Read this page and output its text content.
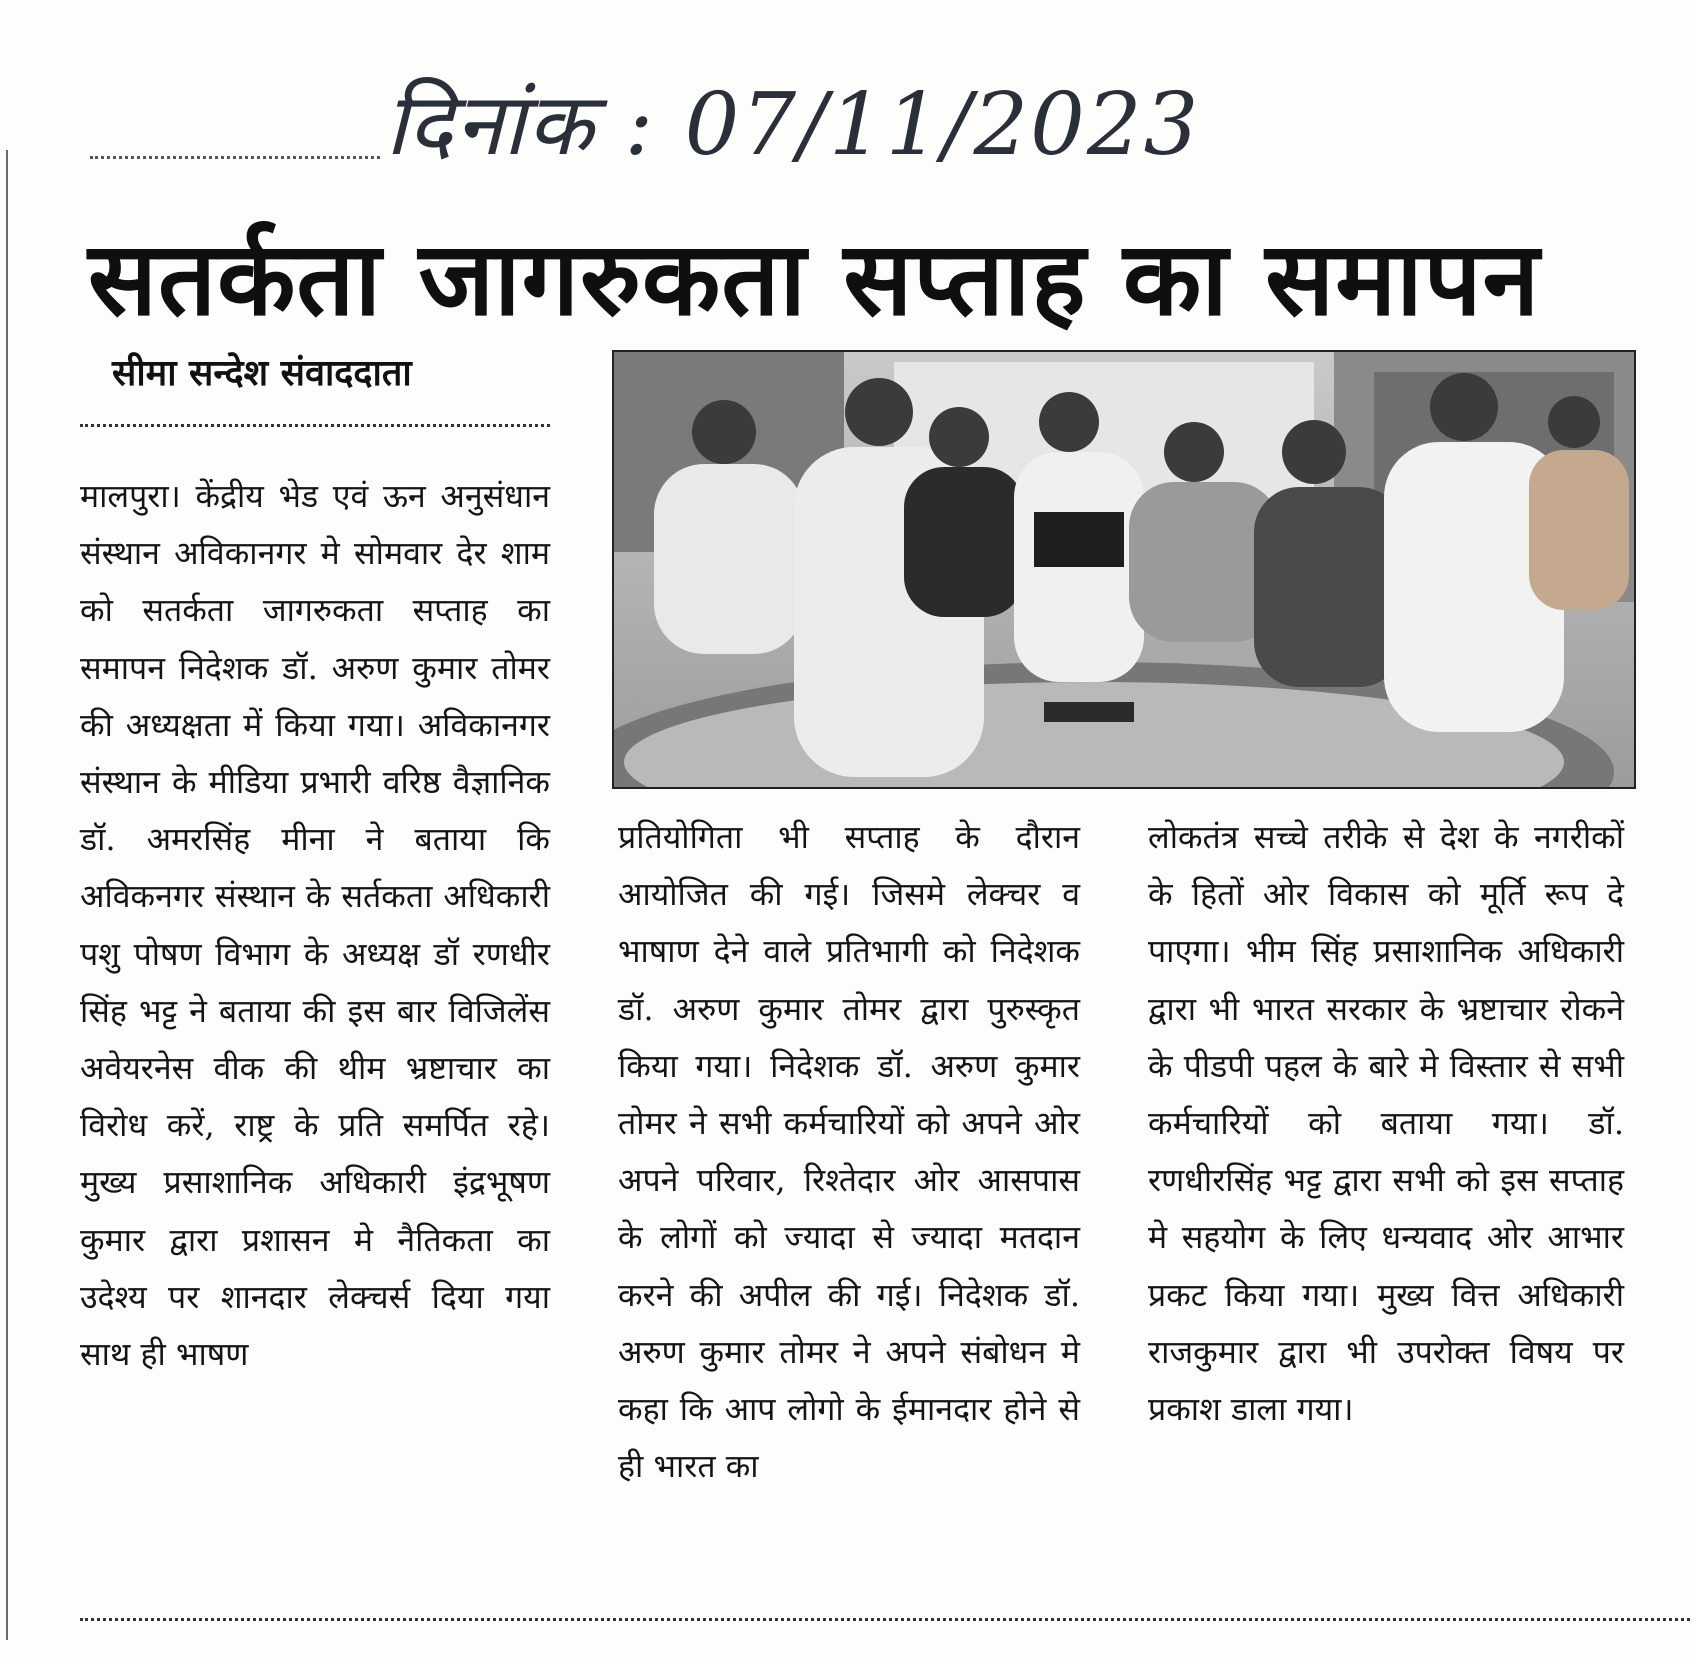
दिनांक : 07/11/2023

सतर्कता जागरुकता सप्ताह का समापन

सीमा सन्देश संवाददाता

मालपुरा। केंद्रीय भेड एवं ऊन अनुसंधान संस्थान अविकानगर मे सोमवार देर शाम को सतर्कता जागरुकता सप्ताह का समापन निदेशक डॉ. अरुण कुमार तोमर की अध्यक्षता में किया गया। अविकानगर संस्थान के मीडिया प्रभारी वरिष्ठ वैज्ञानिक डॉ. अमरसिंह मीना ने बताया कि अविकनगर संस्थान के सर्तकता अधिकारी पशु पोषण विभाग के अध्यक्ष डॉ रणधीर सिंह भट्ट ने बताया की इस बार विजिलेंस अवेयरनेस वीक की थीम भ्रष्टाचार का विरोध करें, राष्ट्र के प्रति समर्पित रहे। मुख्य प्रसाशानिक अधिकारी इंद्रभूषण कुमार द्वारा प्रशासन मे नैतिकता का उदेश्य पर शानदार लेक्चर्स दिया गया साथ ही भाषण

प्रतियोगिता भी सप्ताह के दौरान आयोजित की गई। जिसमे लेक्चर व भाषाण देने वाले प्रतिभागी को निदेशक डॉ. अरुण कुमार तोमर द्वारा पुरुस्कृत किया गया। निदेशक डॉ. अरुण कुमार तोमर ने सभी कर्मचारियों को अपने ओर अपने परिवार, रिश्तेदार ओर आसपास के लोगों को ज्यादा से ज्यादा मतदान करने की अपील की गई। निदेशक डॉ. अरुण कुमार तोमर ने अपने संबोधन मे कहा कि आप लोगो के ईमानदार होने से ही भारत का

लोकतंत्र सच्चे तरीके से देश के नगरीकों के हितों ओर विकास को मूर्ति रूप दे पाएगा। भीम सिंह प्रसाशानिक अधिकारी द्वारा भी भारत सरकार के भ्रष्टाचार रोकने के पीडपी पहल के बारे मे विस्तार से सभी कर्मचारियों को बताया गया। डॉ. रणधीरसिंह भट्ट द्वारा सभी को इस सप्ताह मे सहयोग के लिए धन्यवाद ओर आभार प्रकट किया गया। मुख्य वित्त अधिकारी राजकुमार द्वारा भी उपरोक्त विषय पर प्रकाश डाला गया।
